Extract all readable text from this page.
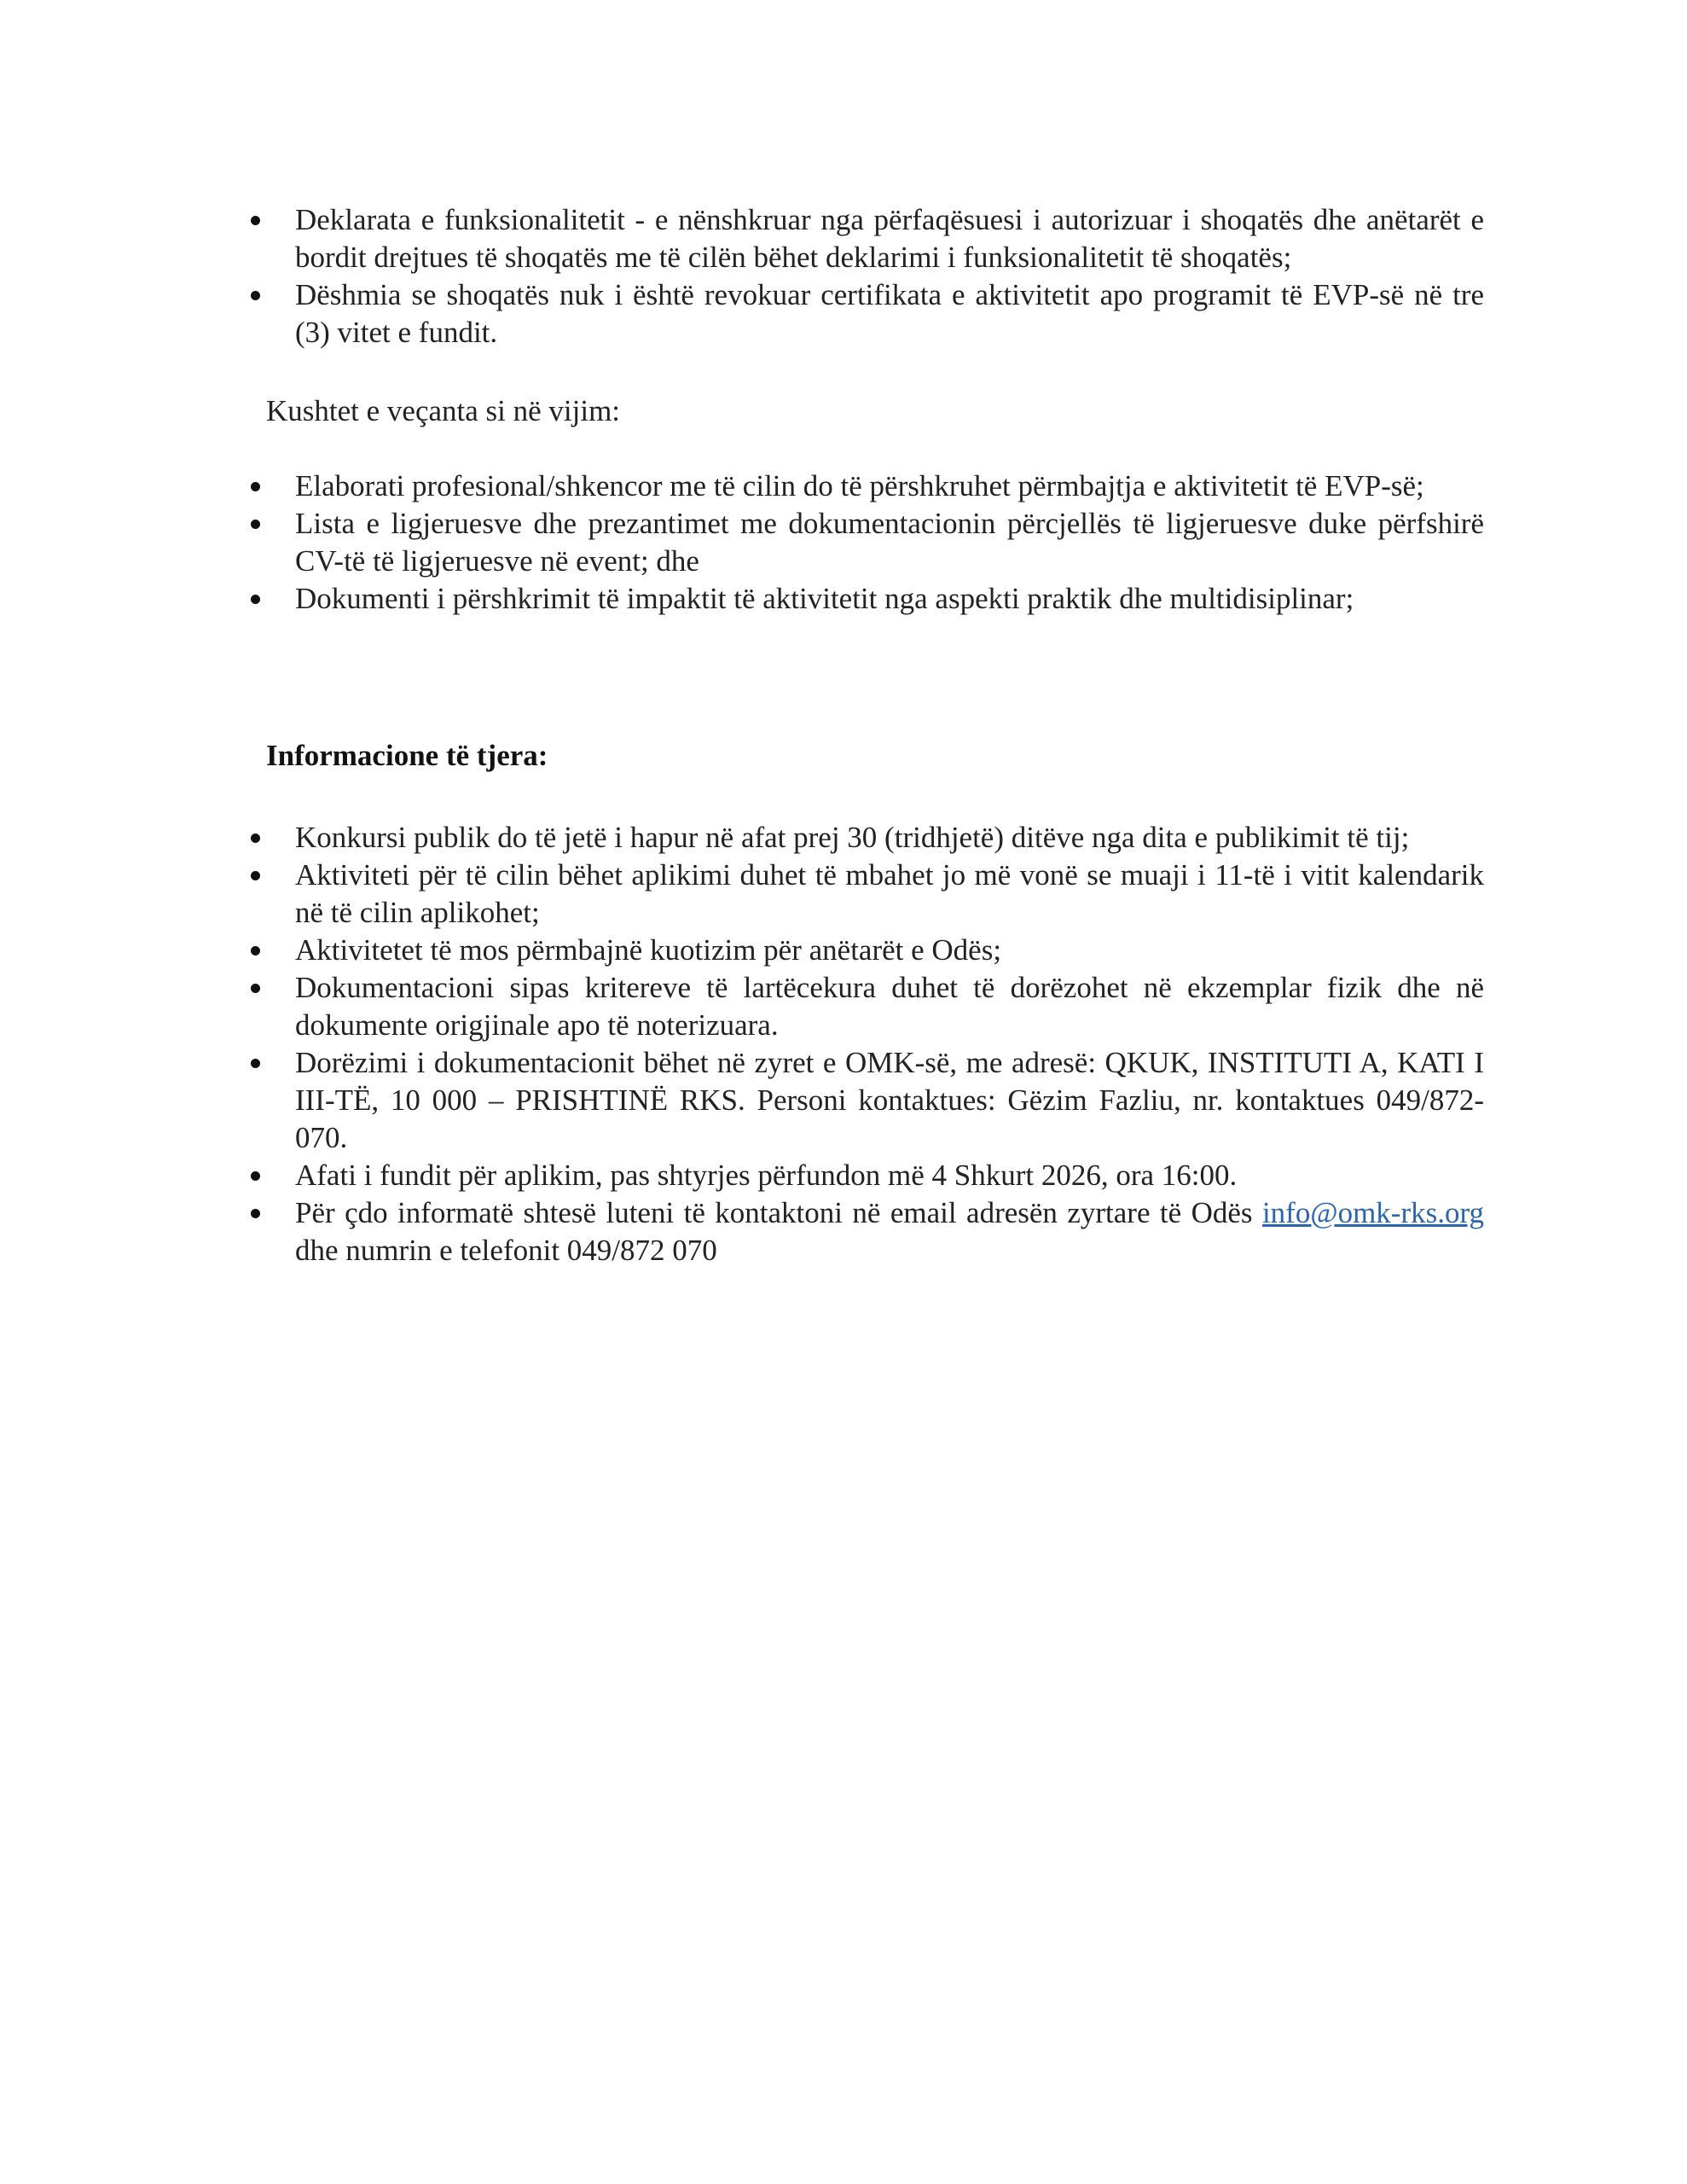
Deklarata e funksionalitetit - e nënshkruar nga përfaqësuesi i autorizuar i shoqatës dhe anëtarët e bordit drejtues të shoqatës me të cilën bëhet deklarimi i funksionalitetit të shoqatës;
Dëshmia se shoqatës nuk i është revokuar certifikata e aktivitetit apo programit të EVP-së në tre (3) vitet e fundit.
Kushtet e veçanta si në vijim:
Elaborati profesional/shkencor me të cilin do të përshkruhet përmbajtja e aktivitetit të EVP-së;
Lista e ligjeruesve dhe prezantimet me dokumentacionin përcjellës të ligjeruesve duke përfshirë CV-të të ligjeruesve në event; dhe
Dokumenti i përshkrimit të impaktit të aktivitetit nga aspekti praktik dhe multidisiplinar;
Informacione të tjera:
Konkursi publik do të jetë i hapur në afat prej 30 (tridhjetë) ditëve nga dita e publikimit të tij;
Aktiviteti për të cilin bëhet aplikimi duhet të mbahet jo më vonë se muaji i 11-të i vitit kalendarik në të cilin aplikohet;
Aktivitetet të mos përmbajnë kuotizim për anëtarët e Odës;
Dokumentacioni sipas kritereve të lartëcekura duhet të dorëzohet në ekzemplar fizik dhe në dokumente origjinale apo të noterizuara.
Dorëzimi i dokumentacionit bëhet në zyret e OMK-së, me adresë: QKUK, INSTITUTI A, KATI I III-TË, 10 000 – PRISHTINË RKS. Personi kontaktues: Gëzim Fazliu, nr. kontaktues 049/872-070.
Afati i fundit për aplikim, pas shtyrjes përfundon më 4 Shkurt 2026, ora 16:00.
Për çdo informatë shtesë luteni të kontaktoni në email adresën zyrtare të Odës info@omk-rks.org dhe numrin e telefonit 049/872 070
